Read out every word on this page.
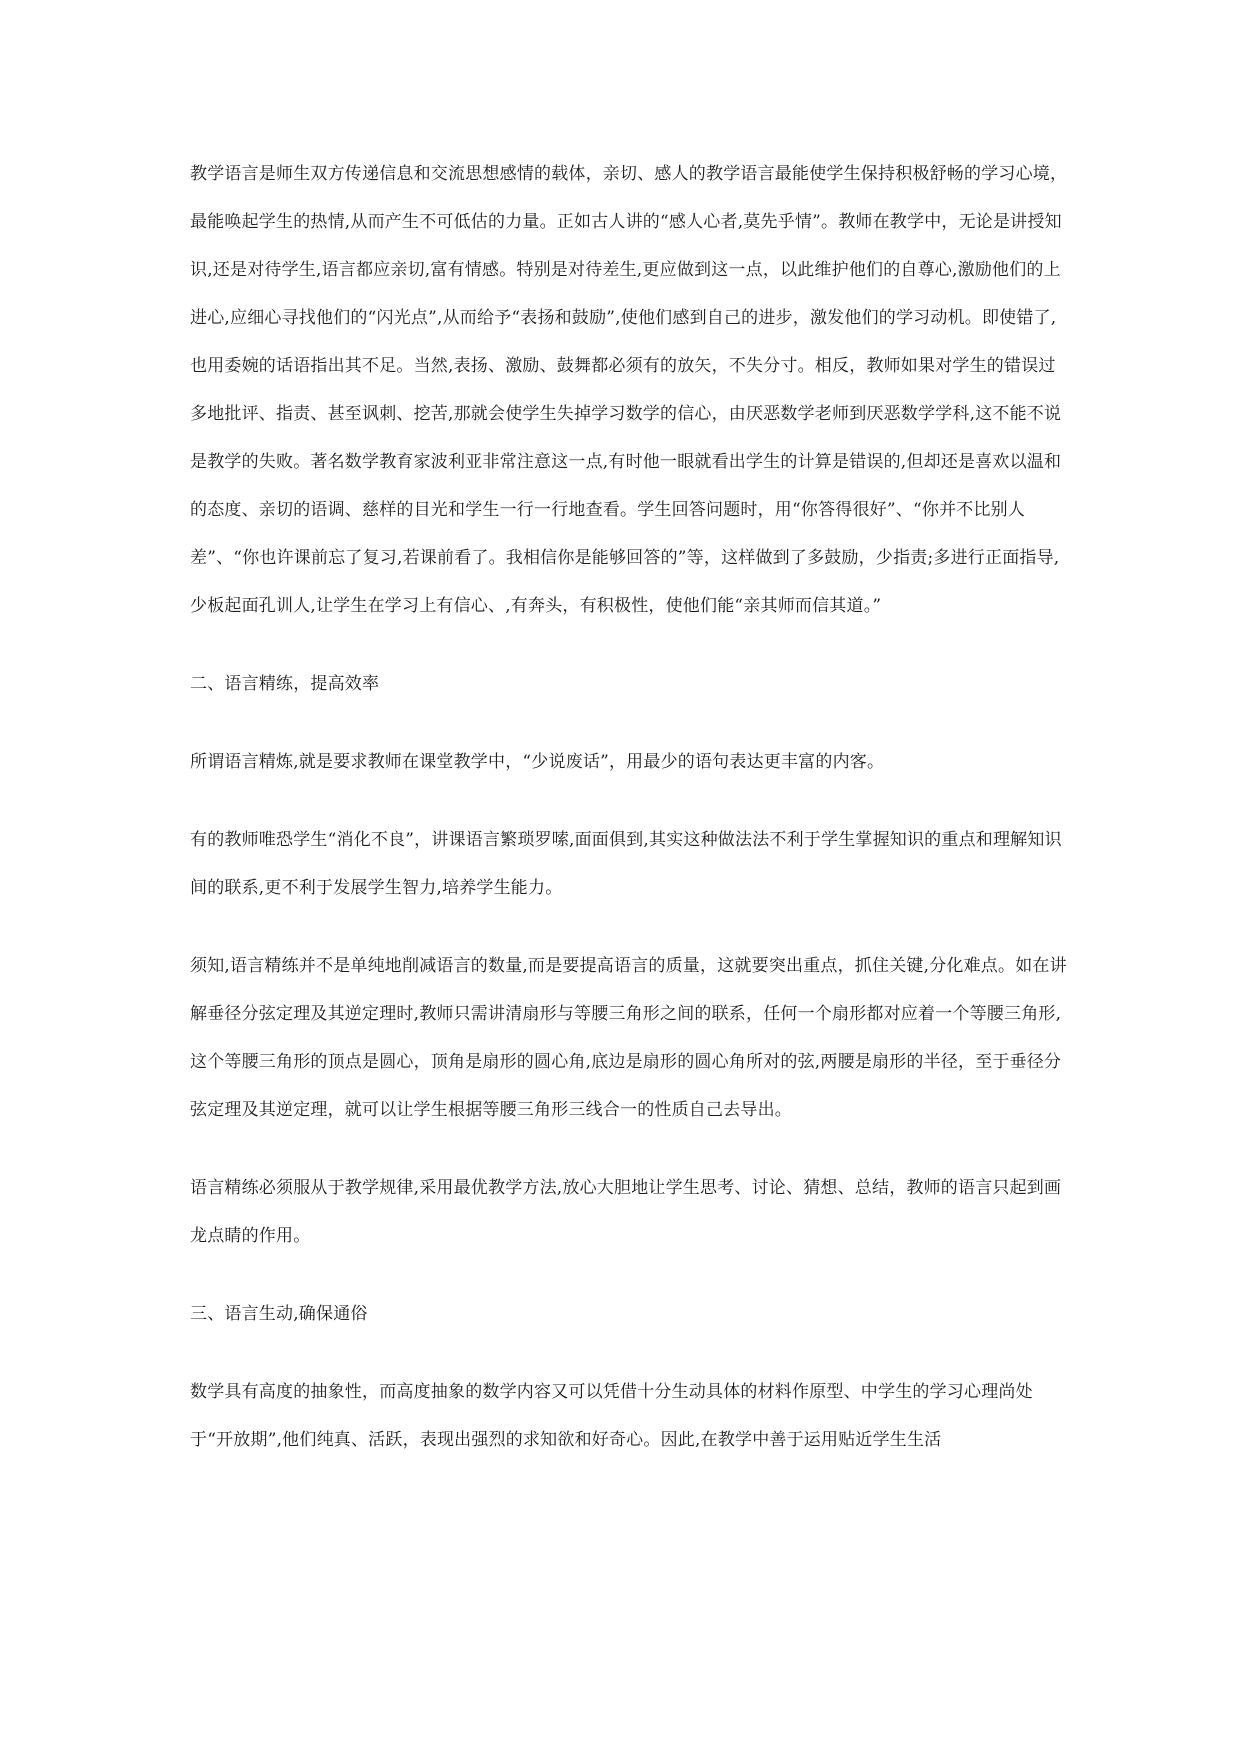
教学语言是师生双方传递信息和交流思想感情的载体，亲切、感人的教学语言最能使学生保持积极舒畅的学习心境，最能唤起学生的热情,从而产生不可低估的力量。正如古人讲的“感人心者,莫先乎情”。教师在教学中，无论是讲授知识,还是对待学生,语言都应亲切,富有情感。特别是对待差生,更应做到这一点，以此维护他们的自尊心,激励他们的上进心,应细心寻找他们的“闪光点”,从而给予“表扬和鼓励”,使他们感到自己的进步，激发他们的学习动机。即使错了,也用委婉的话语指出其不足。当然,表扬、激励、鼓舞都必须有的放矢，不失分寸。相反，教师如果对学生的错误过多地批评、指责、甚至讽刺、挖苦,那就会使学生失掉学习数学的信心，由厌恶数学老师到厌恶数学学科,这不能不说是教学的失败。著名数学教育家波利亚非常注意这一点,有时他一眼就看出学生的计算是错误的,但却还是喜欢以温和的态度、亲切的语调、慈样的目光和学生一行一行地查看。学生回答问题时，用“你答得很好”、“你并不比别人差”、“你也许课前忘了复习,若课前看了。我相信你是能够回答的”等，这样做到了多鼓励，少指责;多进行正面指导,少板起面孔训人,让学生在学习上有信心、,有奔头，有积极性，使他们能“亲其师而信其道。”

二、语言精练，提高效率

所谓语言精炼,就是要求教师在课堂教学中，“少说废话”，用最少的语句表达更丰富的内客。

有的教师唯恐学生“消化不良”，讲课语言繁琐罗嗦,面面俱到,其实这种做法法不利于学生掌握知识的重点和理解知识间的联系,更不利于发展学生智力,培养学生能力。

须知,语言精练并不是单纯地削减语言的数量,而是要提高语言的质量，这就要突出重点，抓住关键,分化难点。如在讲解垂径分弦定理及其逆定理时,教师只需讲清扇形与等腰三角形之间的联系，任何一个扇形都对应着一个等腰三角形,这个等腰三角形的顶点是圆心，顶角是扇形的圆心角,底边是扇形的圆心角所对的弦,两腰是扇形的半径，至于垂径分弦定理及其逆定理，就可以让学生根据等腰三角形三线合一的性质自己去导出。

语言精练必须服从于教学规律,采用最优教学方法,放心大胆地让学生思考、讨论、猜想、总结，教师的语言只起到画龙点睛的作用。

三、语言生动,确保通俗

数学具有高度的抽象性，而高度抽象的数学内容又可以凭借十分生动具体的材料作原型、中学生的学习心理尚处于“开放期”,他们纯真、活跃，表现出强烈的求知欲和好奇心。因此,在教学中善于运用贴近学生生活
